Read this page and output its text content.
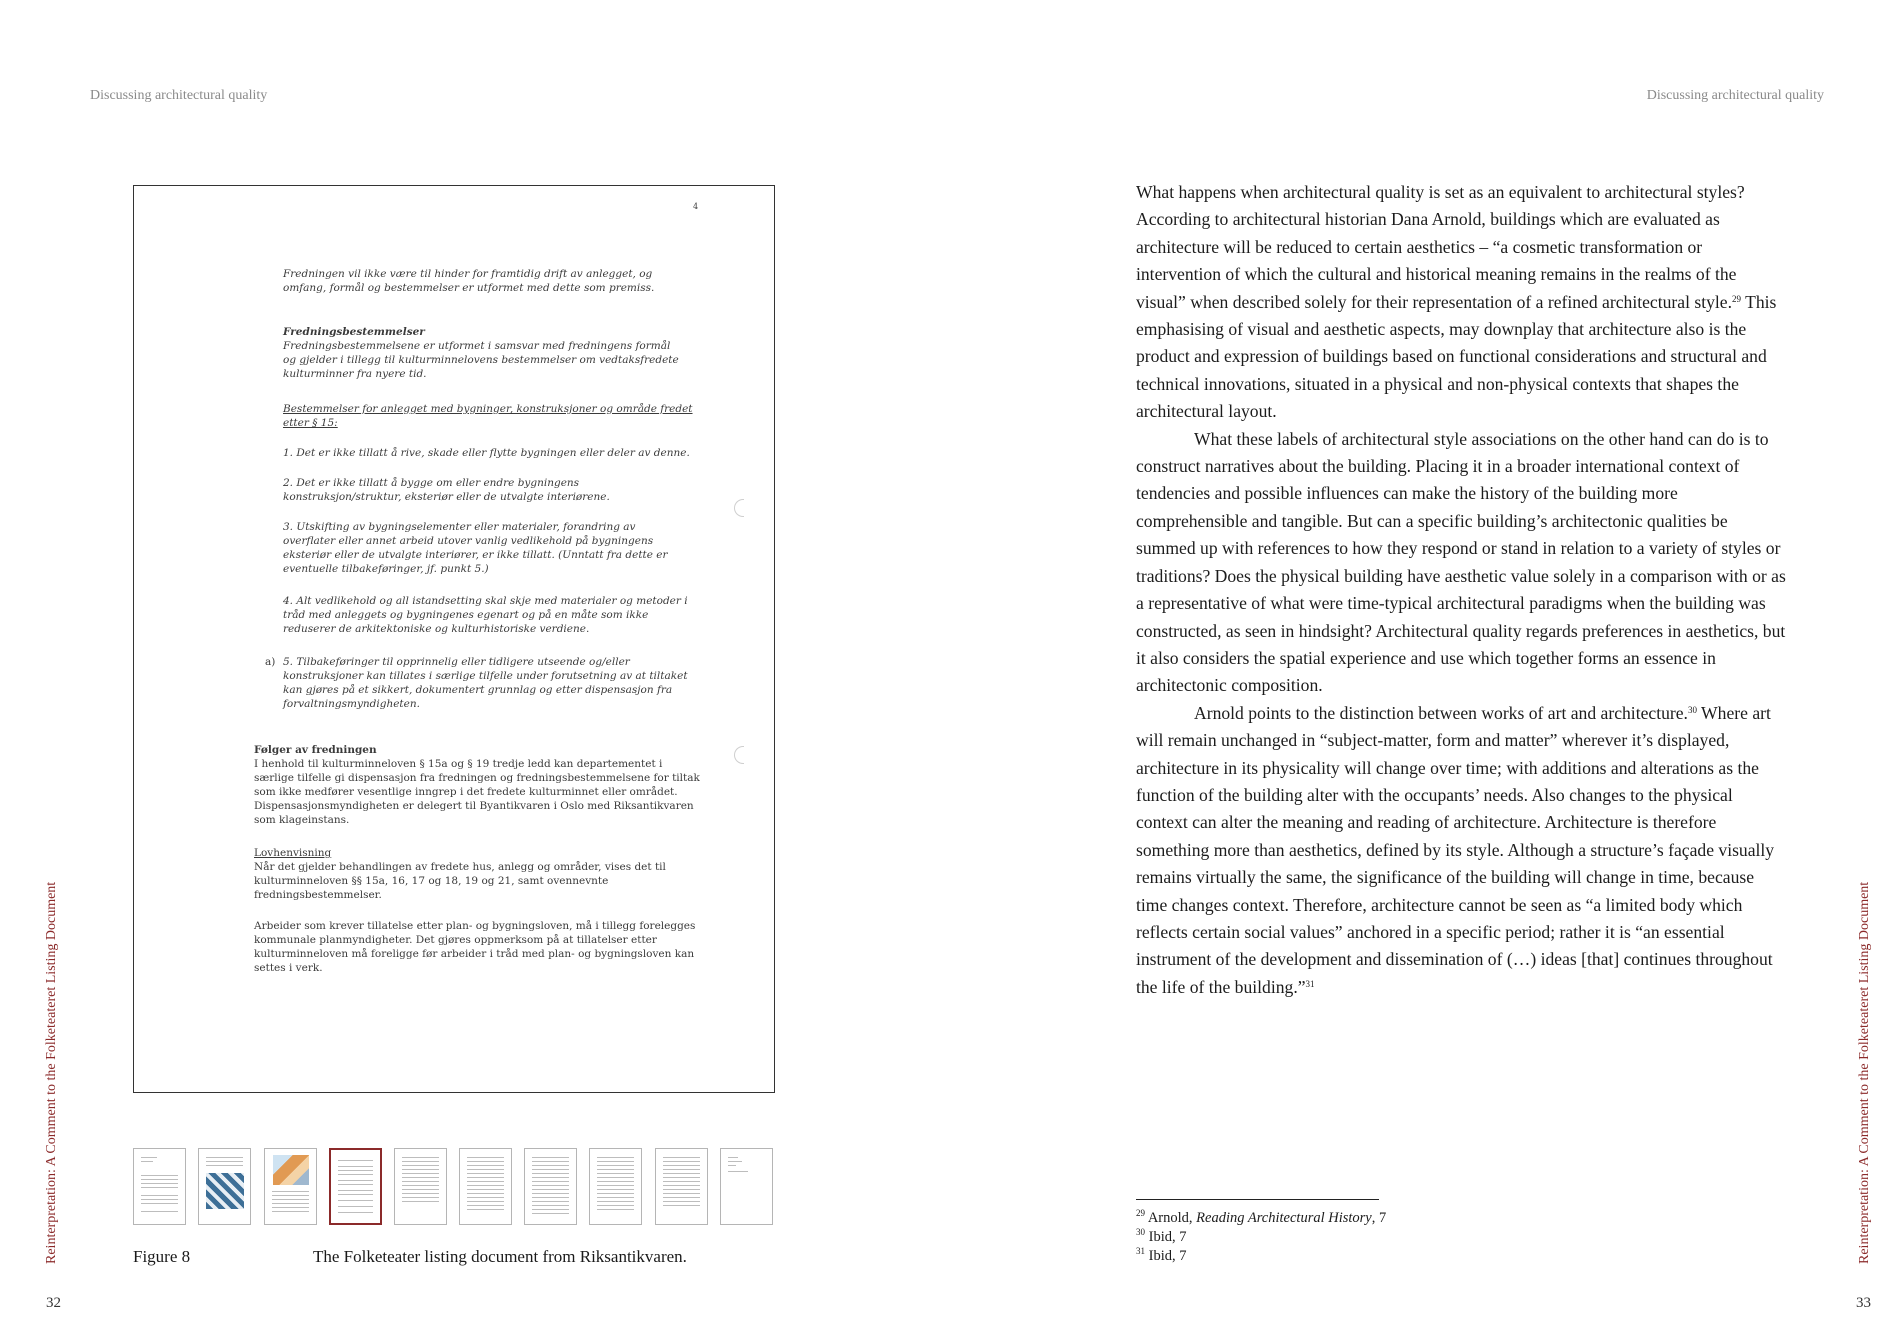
Discussing architectural quality	Discussing architectural quality
Reinterpretation: A Comment to the Folketeateret Listing Document	Reinterpretation: A Comment to the Folketeateret Listing Document
32	33
4
Fredningen vil ikke være til hinder for framtidig drift av anlegget, og omfang, formål og bestemmelser er utformet med dette som premiss.
Fredningsbestemmelser
Fredningsbestemmelsene er utformet i samsvar med fredningens formål og gjelder i tillegg til kulturminnelovens bestemmelser om vedtaksfredete kulturminner fra nyere tid.
Bestemmelser for anlegget med bygninger, konstruksjoner og område fredet etter § 15:
1. Det er ikke tillatt å rive, skade eller flytte bygningen eller deler av denne.
2. Det er ikke tillatt å bygge om eller endre bygningens konstruksjon/struktur, eksteriør eller de utvalgte interiørene.
3. Utskifting av bygningselementer eller materialer, forandring av overflater eller annet arbeid utover vanlig vedlikehold på bygningens eksteriør eller de utvalgte interiører, er ikke tillatt. (Unntatt fra dette er eventuelle tilbakeføringer, jf. punkt 5.)
4. Alt vedlikehold og all istandsetting skal skje med materialer og metoder i tråd med anleggets og bygningenes egenart og på en måte som ikke reduserer de arkitektoniske og kulturhistoriske verdiene.
a) 5. Tilbakeføringer til opprinnelig eller tidligere utseende og/eller konstruksjoner kan tillates i særlige tilfelle under forutsetning av at tiltaket kan gjøres på et sikkert, dokumentert grunnlag og etter dispensasjon fra forvaltningsmyndigheten.
Følger av fredningen
I henhold til kulturminneloven § 15a og § 19 tredje ledd kan departementet i særlige tilfelle gi dispensasjon fra fredningen og fredningsbestemmelsene for tiltak som ikke medfører vesentlige inngrep i det fredete kulturminnet eller området. Dispensasjonsmyndigheten er delegert til Byantikvaren i Oslo med Riksantikvaren som klageinstans.
Lovhenvisning
Når det gjelder behandlingen av fredete hus, anlegg og områder, vises det til kulturminneloven §§ 15a, 16, 17 og 18, 19 og 21, samt ovennevnte fredningsbestemmelser.
Arbeider som krever tillatelse etter plan- og bygningsloven, må i tillegg forelegges kommunale planmyndigheter. Det gjøres oppmerksom på at tillatelser etter kulturminneloven må foreligge før arbeider i tråd med plan- og bygningsloven kan settes i verk.
Figure 8	The Folketeater listing document from Riksantikvaren.

What happens when architectural quality is set as an equivalent to architectural styles? According to architectural historian Dana Arnold, buildings which are evaluated as architecture will be reduced to certain aesthetics – “a cosmetic transformation or intervention of which the cultural and historical meaning remains in the realms of the visual” when described solely for their representation of a refined architectural style.$^{29}$ This emphasising of visual and aesthetic aspects, may downplay that architecture also is the product and expression of buildings based on functional considerations and structural and technical innovations, situated in a physical and non-physical contexts that shapes the architectural layout.

What these labels of architectural style associations on the other hand can do is to construct narratives about the building. Placing it in a broader international context of tendencies and possible influences can make the history of the building more comprehensible and tangible. But can a specific building’s architectonic qualities be summed up with references to how they respond or stand in relation to a variety of styles or traditions? Does the physical building have aesthetic value solely in a comparison with or as a representative of what were time-typical architectural paradigms when the building was constructed, as seen in hindsight? Architectural quality regards preferences in aesthetics, but it also considers the spatial experience and use which together forms an essence in architectonic composition.

Arnold points to the distinction between works of art and architecture.$^{30}$ Where art will remain unchanged in “subject-matter, form and matter” wherever it’s displayed, architecture in its physicality will change over time; with additions and alterations as the function of the building alter with the occupants’ needs. Also changes to the physical context can alter the meaning and reading of architecture. Architecture is therefore something more than aesthetics, defined by its style. Although a structure’s façade visually remains virtually the same, the significance of the building will change in time, because time changes context. Therefore, architecture cannot be seen as “a limited body which reflects certain social values” anchored in a specific period; rather it is “an essential instrument of the development and dissemination of (…) ideas [that] continues throughout the life of the building.”$^{31}$

$^{29}$ Arnold, Reading Architectural History, 7
$^{30}$ Ibid, 7
$^{31}$ Ibid, 7
